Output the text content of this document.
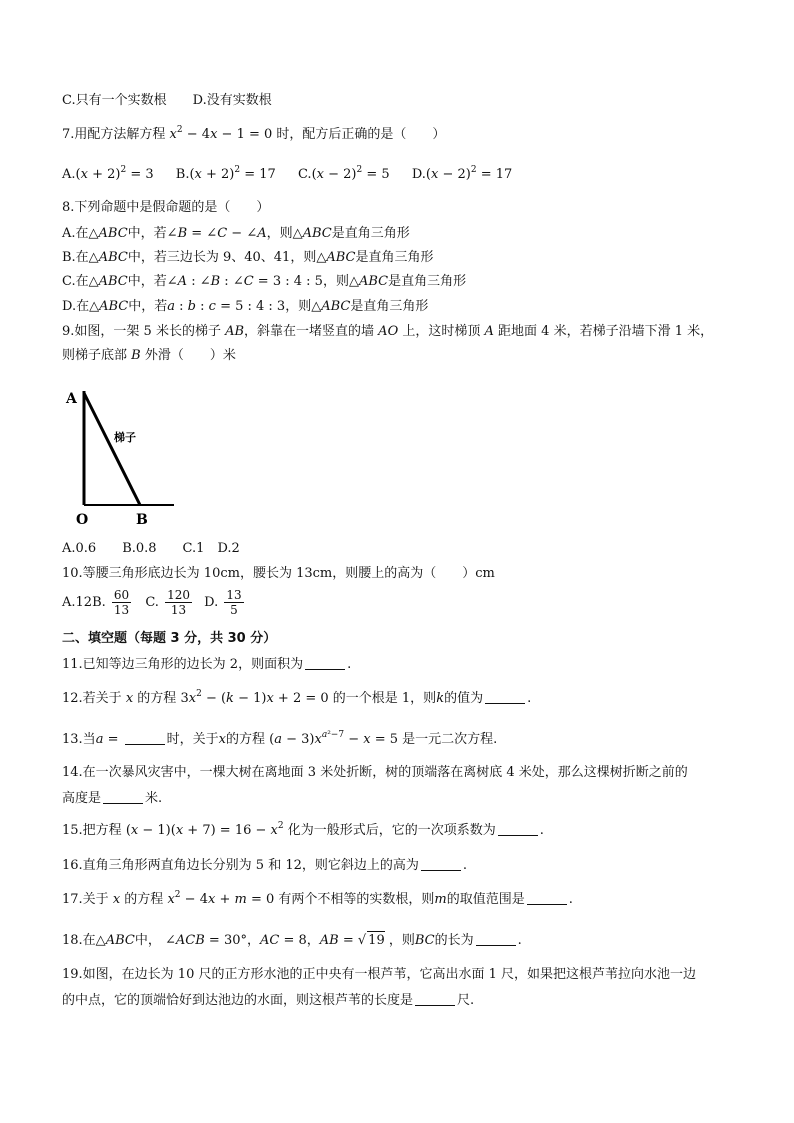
C.只有一个实数根　　D.没有实数根
7.用配方法解方程 $x^2 - 4x - 1 = 0$ 时，配方后正确的是（　　）
$A.(x + 2)^2 = 3$ $B.(x + 2)^2 = 17$ $C.(x - 2)^2 = 5$ $D.(x - 2)^2 = 17$
8.下列命题中是假命题的是（　　）
A.在△ABC中，若∠B = ∠C − ∠A，则△ABC是直角三角形
B.在△ABC中，若三边长为 9、40、41，则△ABC是直角三角形
C.在△ABC中，若∠A : ∠B : ∠C = 3 : 4 : 5，则△ABC是直角三角形
D.在△ABC中，若a : b : c = 5 : 4 : 3，则△ABC是直角三角形
9.如图，一架 5 米长的梯子 AB，斜靠在一堵竖直的墙 AO 上，这时梯顶 A 距地面 4 米，若梯子沿墙下滑 1 米，
则梯子底部 B 外滑（　　）米
A
O	B
梯子
A.0.6　　B.0.8　　C.1　D.2
10.等腰三角形底边长为 10cm，腰长为 13cm，则腰上的高为（　　）cm
A.12B. $\frac{60}{13} C$. $\frac{120}{13} D$. $\frac{13}{5}$
二、填空题（每题 3 分，共 30 分）
11.已知等边三角形的边长为 2，则面积为	.
12.若关于 x 的方程 $3x^2 - (k - 1)x + 2 = 0$ 的一个根是 1，则k的值为	.
13.当a =	时，关于x的方程 $(a - 3)x^{a^2-7} - x = 5$ 是一元二次方程.
14.在一次暴风灾害中，一棵大树在离地面 3 米处折断，树的顶端落在离树底 4 米处，那么这棵树折断之前的
高度是	米.
15.把方程 $(x - 1)(x + 7) = 16 - x^2$ 化为一般形式后，它的一次项系数为	.
16.直角三角形两直角边长分别为 5 和 12，则它斜边上的高为	.
17.关于 x 的方程 $x^2 - 4x + m = 0$ 有两个不相等的实数根，则m的取值范围是	.
18.在△ABC中， ∠ACB = 30°，AC = 8，AB = √ 19 ，则BC的长为	.
19.如图，在边长为 10 尺的正方形水池的正中央有一根芦苇，它高出水面 1 尺，如果把这根芦苇拉向水池一边
的中点，它的顶端恰好到达池边的水面，则这根芦苇的长度是	尺.
